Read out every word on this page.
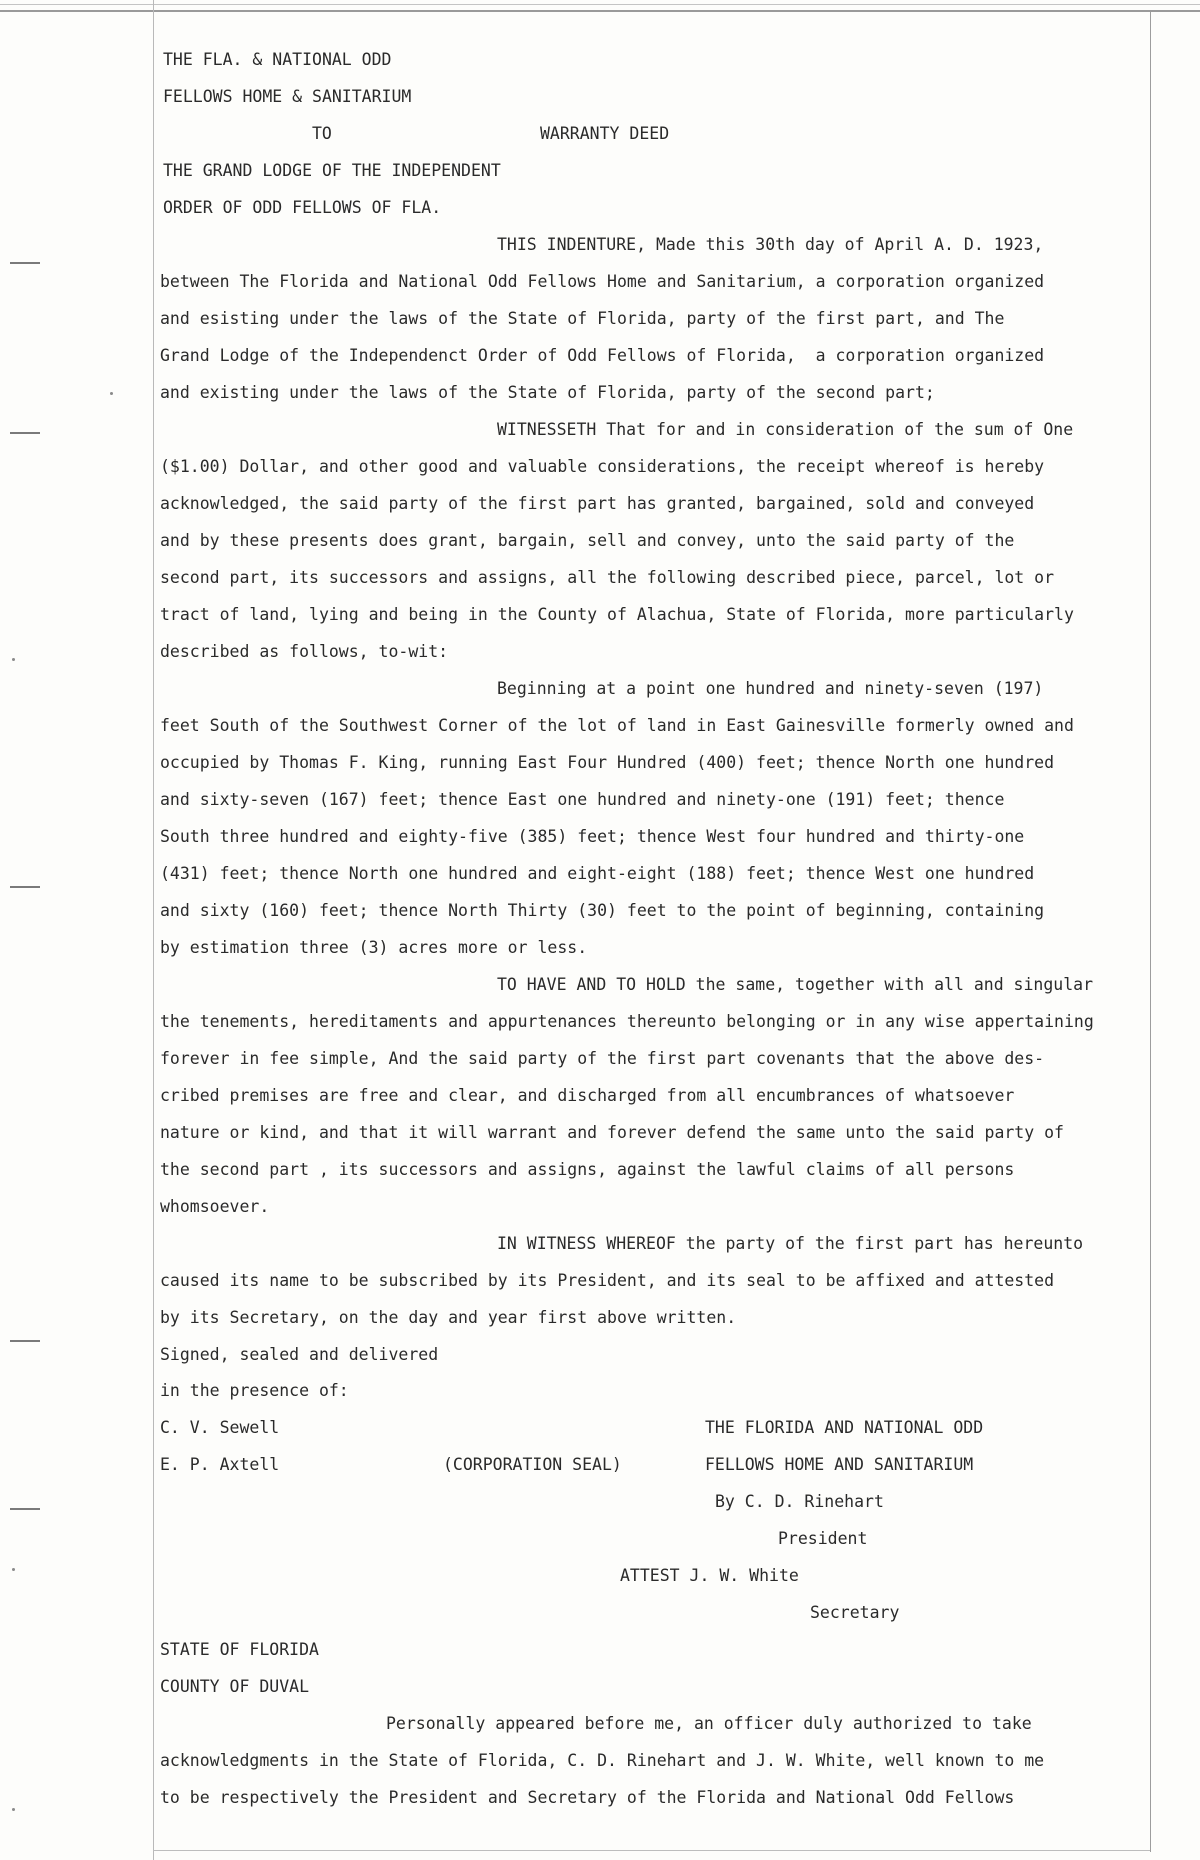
THE FLA. & NATIONAL ODD

FELLOWS HOME & SANITARIUM

TO	WARRANTY DEED

THE GRAND LODGE OF THE INDEPENDENT

ORDER OF ODD FELLOWS OF FLA.

THIS INDENTURE, Made this 30th day of April A. D. 1923,

between The Florida and National Odd Fellows Home and Sanitarium, a corporation organized

and esisting under the laws of the State of Florida, party of the first part, and The

Grand Lodge of the Independenct Order of Odd Fellows of Florida,  a corporation organized

and existing under the laws of the State of Florida, party of the second part;

WITNESSETH That for and in consideration of the sum of One

($1.00) Dollar, and other good and valuable considerations, the receipt whereof is hereby

acknowledged, the said party of the first part has granted, bargained, sold and conveyed

and by these presents does grant, bargain, sell and convey, unto the said party of the

second part, its successors and assigns, all the following described piece, parcel, lot or

tract of land, lying and being in the County of Alachua, State of Florida, more particularly

described as follows, to-wit:

Beginning at a point one hundred and ninety-seven (197)

feet South of the Southwest Corner of the lot of land in East Gainesville formerly owned and

occupied by Thomas F. King, running East Four Hundred (400) feet; thence North one hundred

and sixty-seven (167) feet; thence East one hundred and ninety-one (191) feet; thence

South three hundred and eighty-five (385) feet; thence West four hundred and thirty-one

(431) feet; thence North one hundred and eight-eight (188) feet; thence West one hundred

and sixty (160) feet; thence North Thirty (30) feet to the point of beginning, containing

by estimation three (3) acres more or less.

TO HAVE AND TO HOLD the same, together with all and singular

the tenements, hereditaments and appurtenances thereunto belonging or in any wise appertaining

forever in fee simple, And the said party of the first part covenants that the above des-

cribed premises are free and clear, and discharged from all encumbrances of whatsoever

nature or kind, and that it will warrant and forever defend the same unto the said party of

the second part , its successors and assigns, against the lawful claims of all persons

whomsoever.

IN WITNESS WHEREOF the party of the first part has hereunto

caused its name to be subscribed by its President, and its seal to be affixed and attested

by its Secretary, on the day and year first above written.

Signed, sealed and delivered

in the presence of:

C. V. Sewell

E. P. Axtell	(CORPORATION SEAL)

THE FLORIDA AND NATIONAL ODD

FELLOWS HOME AND SANITARIUM

By C. D. Rinehart

President

ATTEST J. W. White

Secretary

STATE OF FLORIDA

COUNTY OF DUVAL

Personally appeared before me, an officer duly authorized to take

acknowledgments in the State of Florida, C. D. Rinehart and J. W. White, well known to me

to be respectively the President and Secretary of the Florida and National Odd Fellows
